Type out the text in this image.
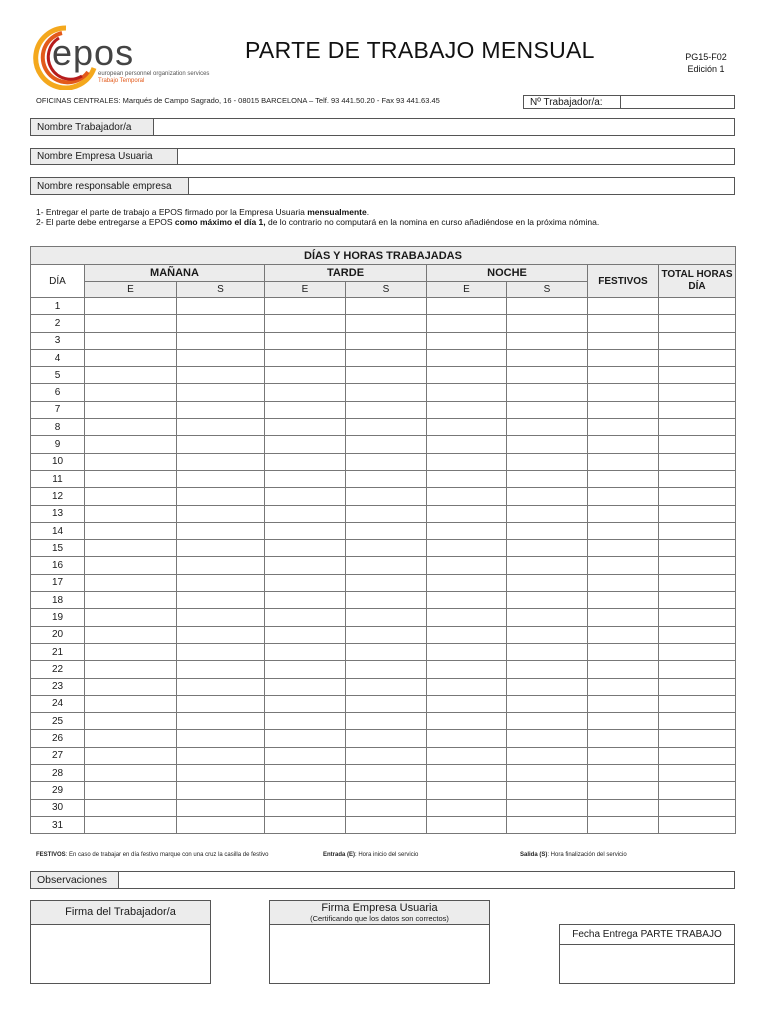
epos
european personnel organization services
Trabajo Temporal
PARTE DE TRABAJO MENSUAL	PG15-F02
Edición 1
OFICINAS CENTRALES: Marqués de Campo Sagrado, 16 - 08015 BARCELONA – Telf. 93 441.50.20 - Fax 93 441.63.45	Nº Trabajador/a:
Nombre Trabajador/a
Nombre Empresa Usuaria
Nombre responsable empresa
1- Entregar el parte de trabajo a EPOS firmado por la Empresa Usuaria mensualmente.
2- El parte debe entregarse a EPOS como máximo el día 1, de lo contrario no computará en la nomina en curso añadiéndose en la próxima nómina.
DÍAS Y HORAS TRABAJADAS								
DÍA	MAÑANA		TARDE		NOCHE		FESTIVOS	TOTAL HORAS DÍA
	E	S	E	S	E	S		
1								
2								
3								
4								
5								
6								
7								
8								
9								
10								
11								
12								
13								
14								
15								
16								
17								
18								
19								
20								
21								
22								
23								
24								
25								
26								
27								
28								
29								
30								
31								
FESTIVOS: En caso de trabajar en día festivo marque con una cruz la casilla de festivo	Entrada (E): Hora inicio del servicio	Salida (S): Hora finalización del servicio
Observaciones
Firma del Trabajador/a	Firma Empresa Usuaria
(Certificando que los datos son correctos)
Fecha Entrega PARTE TRABAJO
